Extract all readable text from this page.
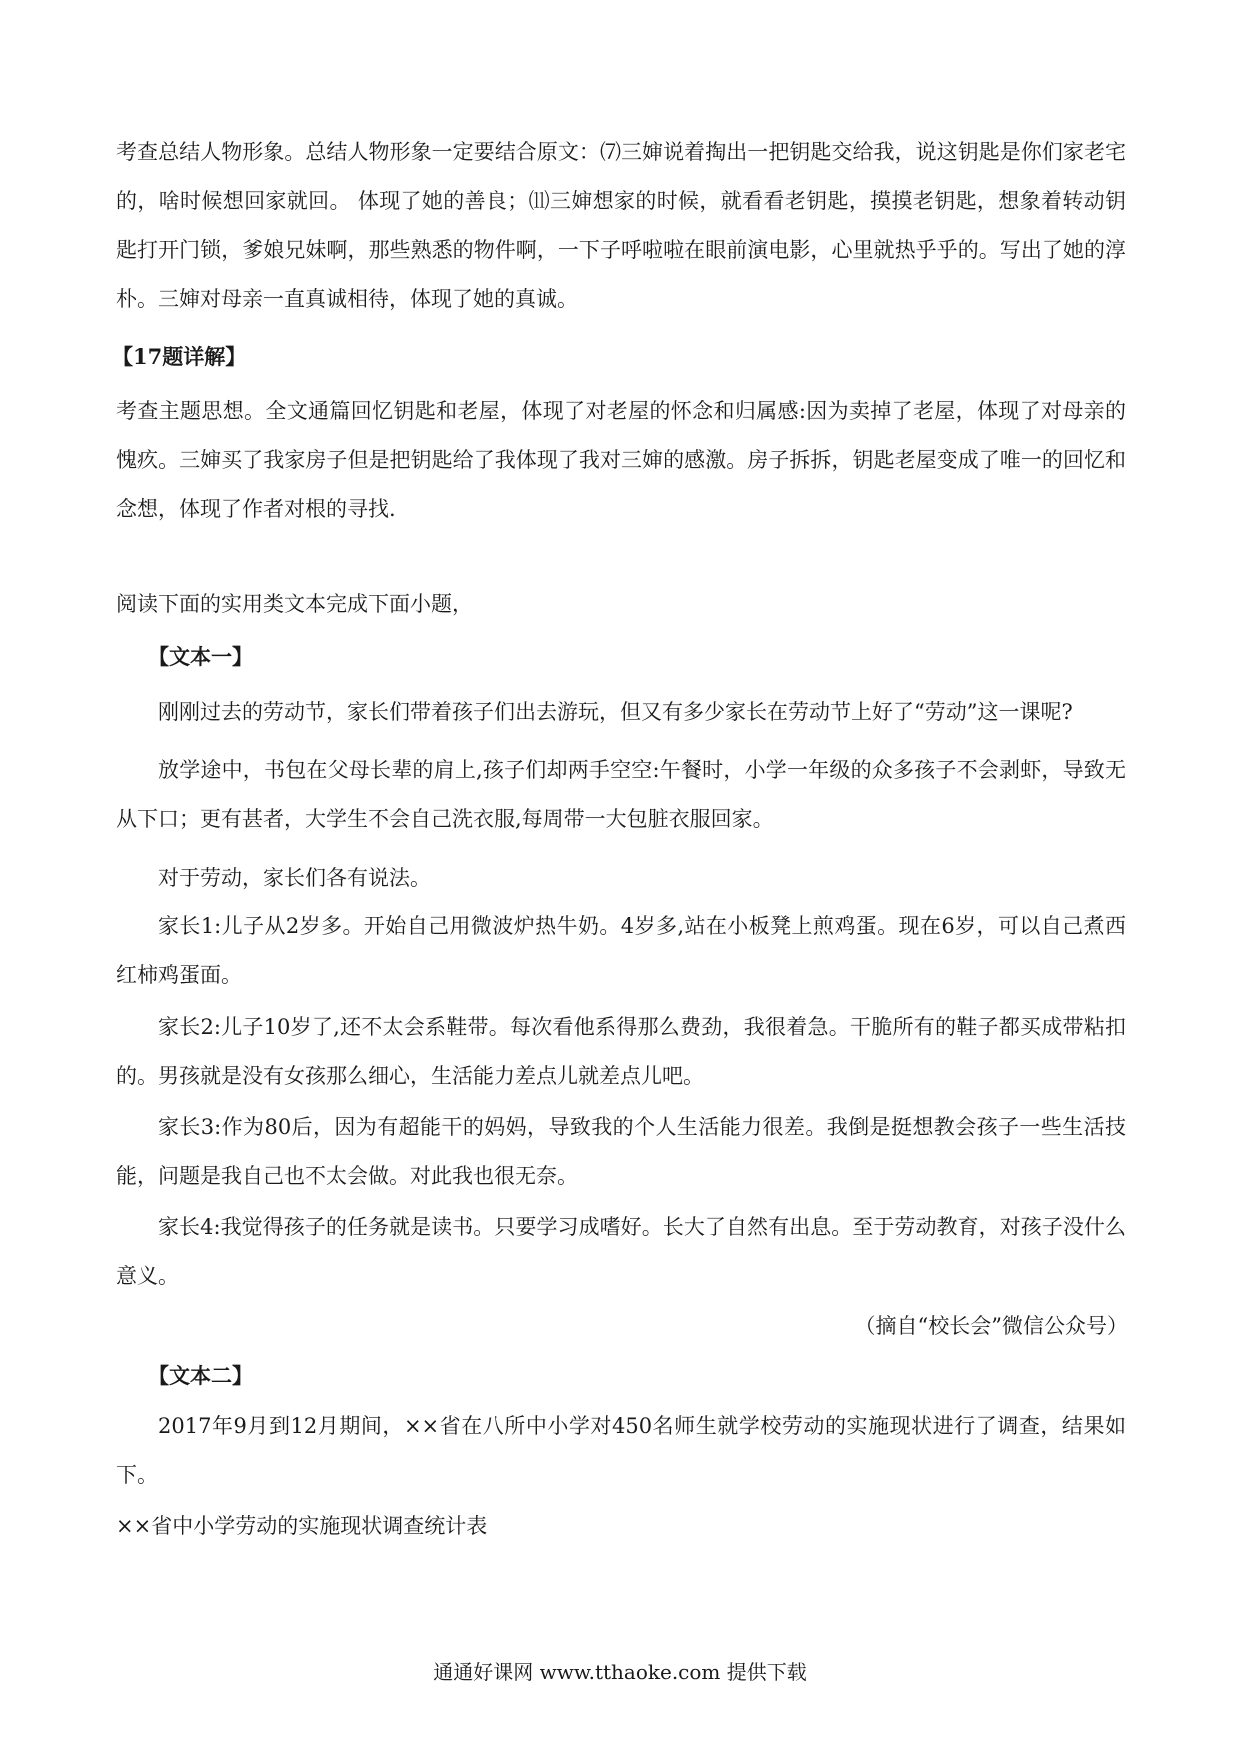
考查总结人物形象。总结人物形象一定要结合原文：⑺三婶说着掏出一把钥匙交给我，说这钥匙是你们家老宅的，啥时候想回家就回。 体现了她的善良；⑾三婶想家的时候，就看看老钥匙，摸摸老钥匙，想象着转动钥匙打开门锁，爹娘兄妹啊，那些熟悉的物件啊，一下子呼啦啦在眼前演电影，心里就热乎乎的。写出了她的淳朴。三婶对母亲一直真诚相待，体现了她的真诚。

【17题详解】

考查主题思想。全文通篇回忆钥匙和老屋，体现了对老屋的怀念和归属感:因为卖掉了老屋，体现了对母亲的愧疚。三婶买了我家房子但是把钥匙给了我体现了我对三婶的感激。房子拆拆，钥匙老屋变成了唯一的回忆和念想，体现了作者对根的寻找.

阅读下面的实用类文本完成下面小题，

【文本一】

刚刚过去的劳动节，家长们带着孩子们出去游玩，但又有多少家长在劳动节上好了“劳动”这一课呢?

放学途中，书包在父母长辈的肩上,孩子们却两手空空:午餐时，小学一年级的众多孩子不会剥虾，导致无从下口；更有甚者，大学生不会自己洗衣服,每周带一大包脏衣服回家。

对于劳动，家长们各有说法。

家长1:儿子从2岁多。开始自己用微波炉热牛奶。4岁多,站在小板凳上煎鸡蛋。现在6岁，可以自己煮西红柿鸡蛋面。

家长2:儿子10岁了,还不太会系鞋带。每次看他系得那么费劲，我很着急。干脆所有的鞋子都买成带粘扣的。男孩就是没有女孩那么细心，生活能力差点儿就差点儿吧。

家长3:作为80后，因为有超能干的妈妈，导致我的个人生活能力很差。我倒是挺想教会孩子一些生活技能，问题是我自己也不太会做。对此我也很无奈。

家长4:我觉得孩子的任务就是读书。只要学习成嗜好。长大了自然有出息。至于劳动教育，对孩子没什么意义。

（摘自“校长会”微信公众号）

【文本二】

2017年9月到12月期间，××省在八所中小学对450名师生就学校劳动的实施现状进行了调查，结果如下。

××省中小学劳动的实施现状调查统计表

通通好课网 www.tthaoke.com 提供下载
